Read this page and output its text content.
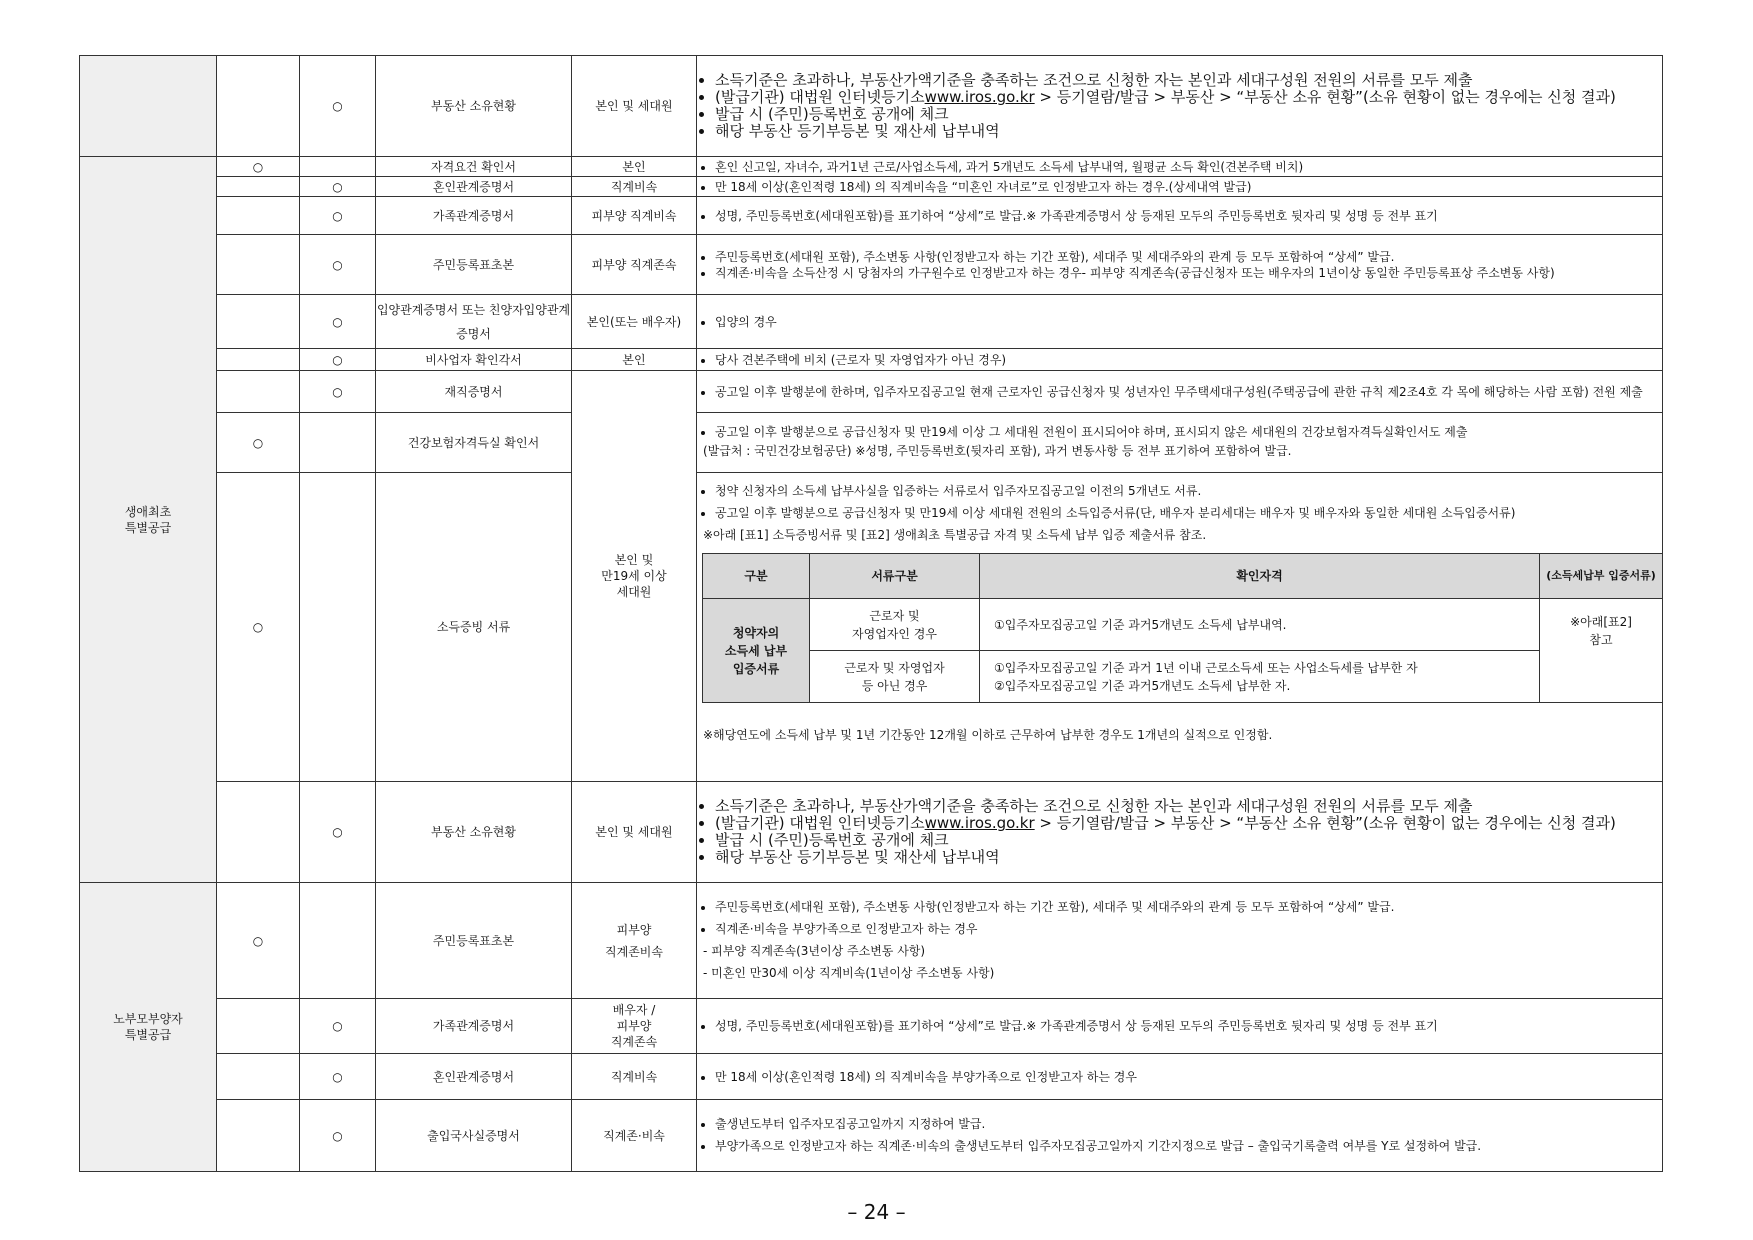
		○	부동산 소유현황	본인 및 세대원	
• 소득기준은 초과하나, 부동산가액기준을 충족하는 조건으로 신청한 자는 본인과 세대구성원 전원의 서류를 모두 제출
• (발급기관) 대법원 인터넷등기소www.iros.go.kr > 등기열람/발급 > 부동산 > “부동산 소유 현황”(소유 현황이 없는 경우에는 신청 결과)
• 발급 시 (주민)등록번호 공개에 체크
• 해당 부동산 등기부등본 및 재산세 납부내역

생애최초
특별공급	○		자격요건 확인서	본인	
•혼인 신고일, 자녀수, 과거1년 근로/사업소득세, 과거 5개년도 소득세 납부내역, 월평균 소득 확인(견본주택 비치)

	○	혼인관계증명서	직계비속	
•만 18세 이상(혼인적령 18세) 의 직계비속을 “미혼인 자녀로”로 인정받고자 하는 경우.(상세내역 발급)

	○	가족관계증명서	피부양 직계비속	
•성명, 주민등록번호(세대원포함)를 표기하여 “상세”로 발급.※ 가족관계증명서 상 등재된 모두의 주민등록번호 뒷자리 및 성명 등 전부 표기

	○	주민등록표초본	피부양 직계존속	
• 주민등록번호(세대원 포함), 주소변동 사항(인정받고자 하는 기간 포함), 세대주 및 세대주와의 관계 등 모두 포함하여 “상세” 발급.
• 직계존·비속을 소득산정 시 당첨자의 가구원수로 인정받고자 하는 경우- 피부양 직계존속(공급신청자 또는 배우자의 1년이상 동일한 주민등록표상 주소변동 사항)

	○	입양관계증명서 또는 친양자입양관계증명서	본인(또는 배우자)	
•입양의 경우

	○	비사업자 확인각서	본인	
•당사 견본주택에 비치 (근로자 및 자영업자가 아닌 경우)

	○	재직증명서	본인 및
만19세 이상
세대원	
• 공고일 이후 발행분에 한하며, 입주자모집공고일 현재 근로자인 공급신청자 및 성년자인 무주택세대구성원(주택공급에 관한 규칙 제2조4호 각 목에 해당하는 사람 포함) 전원 제출

○		건강보험자격득실 확인서	
• 공고일 이후 발행분으로 공급신청자 및 만19세 이상 그 세대원 전원이 표시되어야 하며, 표시되지 않은 세대원의 건강보험자격득실확인서도 제출
(발급처 : 국민건강보험공단) ※성명, 주민등록번호(뒷자리 포함), 과거 변동사항 등 전부 표기하여 포함하여 발급.

○		소득증빙 서류	
• 청약 신청자의 소득세 납부사실을 입증하는 서류로서 입주자모집공고일 이전의 5개년도 서류.
• 공고일 이후 발행분으로 공급신청자 및 만19세 이상 세대원 전원의 소득입증서류(단, 배우자 분리세대는 배우자 및 배우자와 동일한 세대원 소득입증서류)
※아래 [표1] 소득증빙서류 및 [표2] 생애최초 특별공급 자격 및 소득세 납부 입증 제출서류 참조.
구분	서류구분	확인자격	(소득세납부 입증서류)
청약자의
소득세 납부
입증서류	근로자 및
자영업자인 경우	①입주자모집공고일 기준 과거5개년도 소득세 납부내역.	※아래[표2]
참고
근로자 및 자영업자
등 아닌 경우	①입주자모집공고일 기준 과거 1년 이내 근로소득세 또는 사업소득세를 납부한 자
②입주자모집공고일 기준 과거5개년도 소득세 납부한 자.
※해당연도에 소득세 납부 및 1년 기간동안 12개월 이하로 근무하여 납부한 경우도 1개년의 실적으로 인정함.

	○	부동산 소유현황	본인 및 세대원	
• 소득기준은 초과하나, 부동산가액기준을 충족하는 조건으로 신청한 자는 본인과 세대구성원 전원의 서류를 모두 제출
• (발급기관) 대법원 인터넷등기소www.iros.go.kr > 등기열람/발급 > 부동산 > “부동산 소유 현황”(소유 현황이 없는 경우에는 신청 결과)
• 발급 시 (주민)등록번호 공개에 체크
• 해당 부동산 등기부등본 및 재산세 납부내역

노부모부양자
특별공급	○		주민등록표초본	피부양
직계존비속	
• 주민등록번호(세대원 포함), 주소변동 사항(인정받고자 하는 기간 포함), 세대주 및 세대주와의 관계 등 모두 포함하여 “상세” 발급.
• 직계존·비속을 부양가족으로 인정받고자 하는 경우
- 피부양 직계존속(3년이상 주소변동 사항)
- 미혼인 만30세 이상 직계비속(1년이상 주소변동 사항)

	○	가족관계증명서	배우자 /
피부양
직계존속	
• 성명, 주민등록번호(세대원포함)를 표기하여 “상세”로 발급.※ 가족관계증명서 상 등재된 모두의 주민등록번호 뒷자리 및 성명 등 전부 표기

	○	혼인관계증명서	직계비속	
•만 18세 이상(혼인적령 18세) 의 직계비속을 부양가족으로 인정받고자 하는 경우

	○	출입국사실증명서	직계존·비속	
• 출생년도부터 입주자모집공고일까지 지정하여 발급.
• 부양가족으로 인정받고자 하는 직계존·비속의 출생년도부터 입주자모집공고일까지 기간지정으로 발급 – 출입국기록출력 여부를 Y로 설정하여 발급.
– 24 –
